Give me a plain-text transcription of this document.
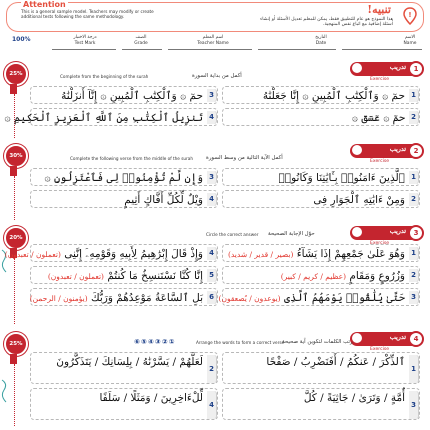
Attention
This is a general sample model. Teachers may modify or create additional tests following the same methodology.
تنبيه!
هذا النموذج هو عام للتطبيق فقط، يمكن للمعلم تعديل الأسئلة أو إنشاء أسئلة إضافية مع اتباع نفس المنهجية.
!
100%	درجة الاختبار
Test Mark
الصف
Grade
اسم المعلم
Teacher Name
التاريخ
Date
الاسم
Name
25%
تدريب	1
Exercise
Complete from the beginning of the surah	أكمل من بداية السورة
1
حمٓ ۞ وَٱلْكِتَٰبِ ٱلْمُبِينِ ۞ إِنَّا جَعَلْنَٰهُ
2
حمٓ ۞ عٓسٓقٓ ۞
3
حمٓ ۞ وَٱلْكِتَٰبِ ٱلْمُبِينِ ۞ إِنَّآ أَنزَلْنَٰهُ
4
تَنزِيلُ ٱلْكِتَٰبِ مِنَ ٱللَّهِ ٱلْعَزِيزِ ٱلْحَكِيمِ ۞
30%
تدريب	2
Exercise
Complete the following verse from the middle of the surah أكمل الآية التالية من وسط السورة
1
ٱلَّذِينَ ءَامَنُوا۟ بِـَٔايَٰتِنَا وَكَانُوا۟
2
وَمِنْ ءَايَٰتِهِ ٱلْجَوَارِ فِى
3
وَإِن لَّمْ تُؤْمِنُوا۟ لِى فَٱعْتَزِلُونِ ۞
4
وَيْلٌ لِّكُلِّ أَفَّاكٍ أَثِيمٍ
20%
تدريب	3
Circle the correct answer حوّل الإجابة الصحيحة
1
وَهُوَ عَلَىٰ جَمْعِهِمْ إِذَا يَشَآءُ (بصير / قدير / شديد)
2
وَزُرُوعٍ وَمَقَامٍ (عظيم / كريم / كبير)
3
حَتَّىٰ يُلَٰقُوا۟ يَوْمَهُمُ ٱلَّذِى (يوعدون / يُصعقون)
4
وَإِذْ قَالَ إِبْرَٰهِيمُ لِأَبِيهِ وَقَوْمِهِۦٓ إِنَّنِى (تعملون / تعبدون)
5
إِنَّا كُنَّا نَسْتَنسِخُ مَا كُنتُمْ (تعملون / تعبدون)
6
بَلِ ٱلسَّاعَةُ مَوْعِدُهُمْ وَرَبُّكَ (يؤمنون / الرحمن)
25%
تدريب	4
Exercise
⑥⑤④③②①	Arrange the words to form a correct verse
رتب الكلمات لتكوين آية صحيحة
1
ٱلذِّكْرَ / عَنكُمُ / أَفَنَضْرِبُ / صَفْحًا
3
أُمَّةٍ / وَتَرَىٰ / جَاثِيَةً / كُلَّ
2
لَعَلَّهُمْ / يَسَّرْنَٰهُ / بِلِسَانِكَ / يَتَذَكَّرُونَ
4
لِّلْءَاخِرِينَ / وَمَثَلًا / سَلَفًا
